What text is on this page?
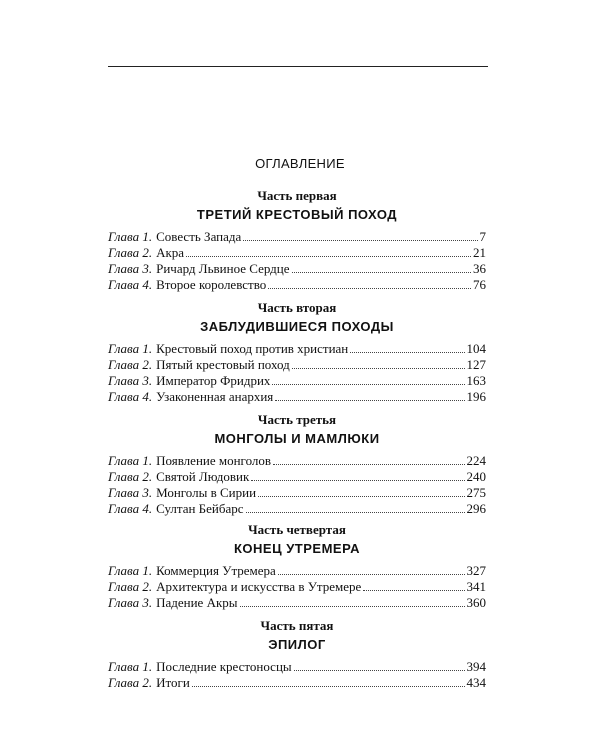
ОГЛАВЛЕНИЕ
Часть первая
ТРЕТИЙ КРЕСТОВЫЙ ПОХОД
Глава 1. Совесть Запада	7
Глава 2. Акра	21
Глава 3. Ричард Львиное Сердце	36
Глава 4. Второе королевство	76
Часть вторая
ЗАБЛУДИВШИЕСЯ ПОХОДЫ
Глава 1. Крестовый поход против христиан	104
Глава 2. Пятый крестовый поход	127
Глава 3. Император Фридрих	163
Глава 4. Узаконенная анархия	196
Часть третья
МОНГОЛЫ И МАМЛЮКИ
Глава 1. Появление монголов	224
Глава 2. Святой Людовик	240
Глава 3. Монголы в Сирии	275
Глава 4. Султан Бейбарс	296
Часть четвертая
КОНЕЦ УТРЕМЕРА
Глава 1. Коммерция Утремера	327
Глава 2. Архитектура и искусства в Утремере	341
Глава 3. Падение Акры	360
Часть пятая
ЭПИЛОГ
Глава 1. Последние крестоносцы	394
Глава 2. Итоги	434
